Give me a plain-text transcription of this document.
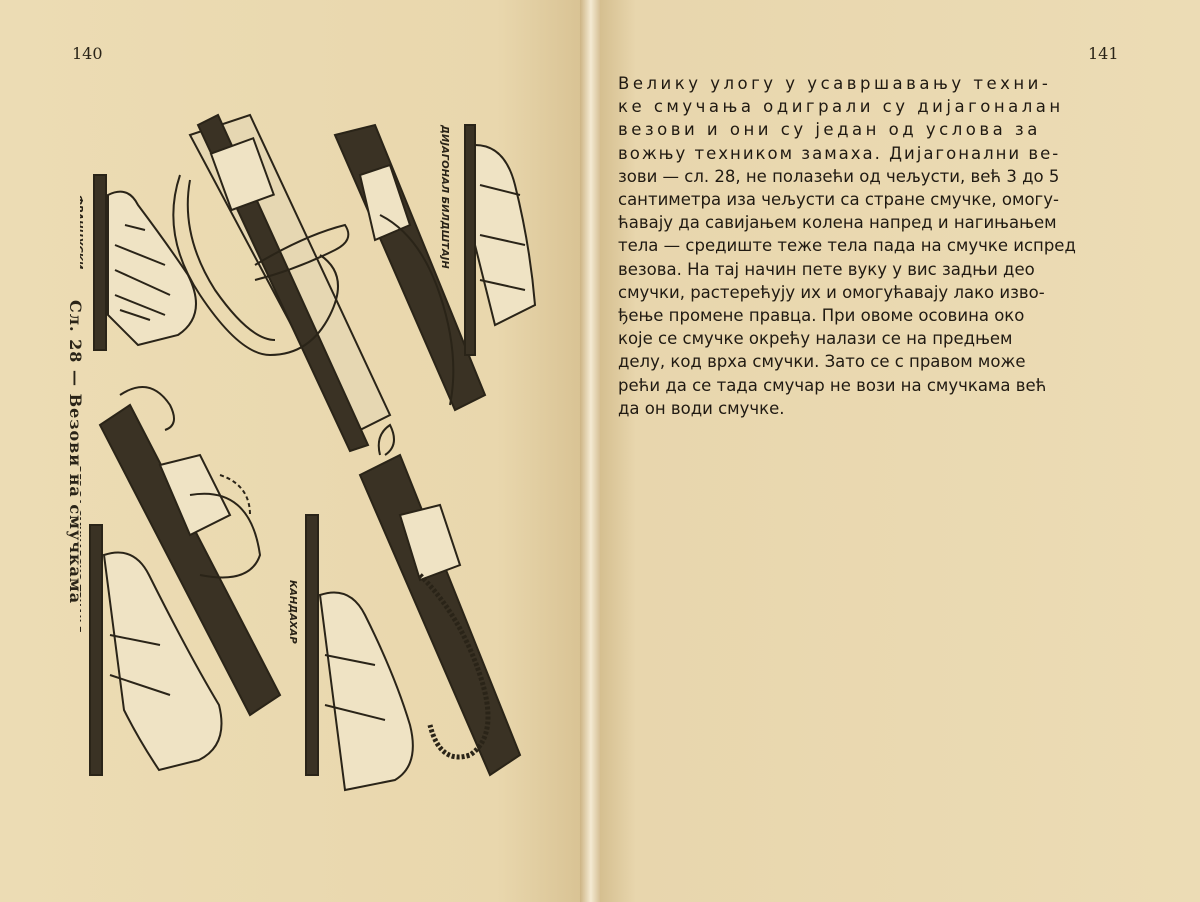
140
Сл. 28 — Везови на смучкама
ФРАНЦУСКИ	ДИЈАГОНАЛ БИЛДШТАЈН
ВЕЗ ЗА СМУЧАРСКО ТРЧАЊЕ	КАНДАХАР
141
Велику улогу у усавршавању техни-
ке смучања одиграли су дијагоналан
везови и они су један од услова за
вожњу техником замаха. Дијагонални ве-
зови — сл. 28, не полазећи од чељусти, већ 3 до 5
сантиметра иза чељусти са стране смучке, омогу-
ћавају да савијањем колена напред и нагињањем
тела — средиште теже тела пада на смучке испред
везова. На тај начин пете вуку у вис задњи део
смучки, растерећују их и омогућавају лако изво-
ђење промене правца. При овоме осовина око
које се смучке окрећу налази се на предњем
делу, код врха смучки. Зато се с правом може
рећи да се тада смучар не вози на смучкама већ
да он води смучке.
